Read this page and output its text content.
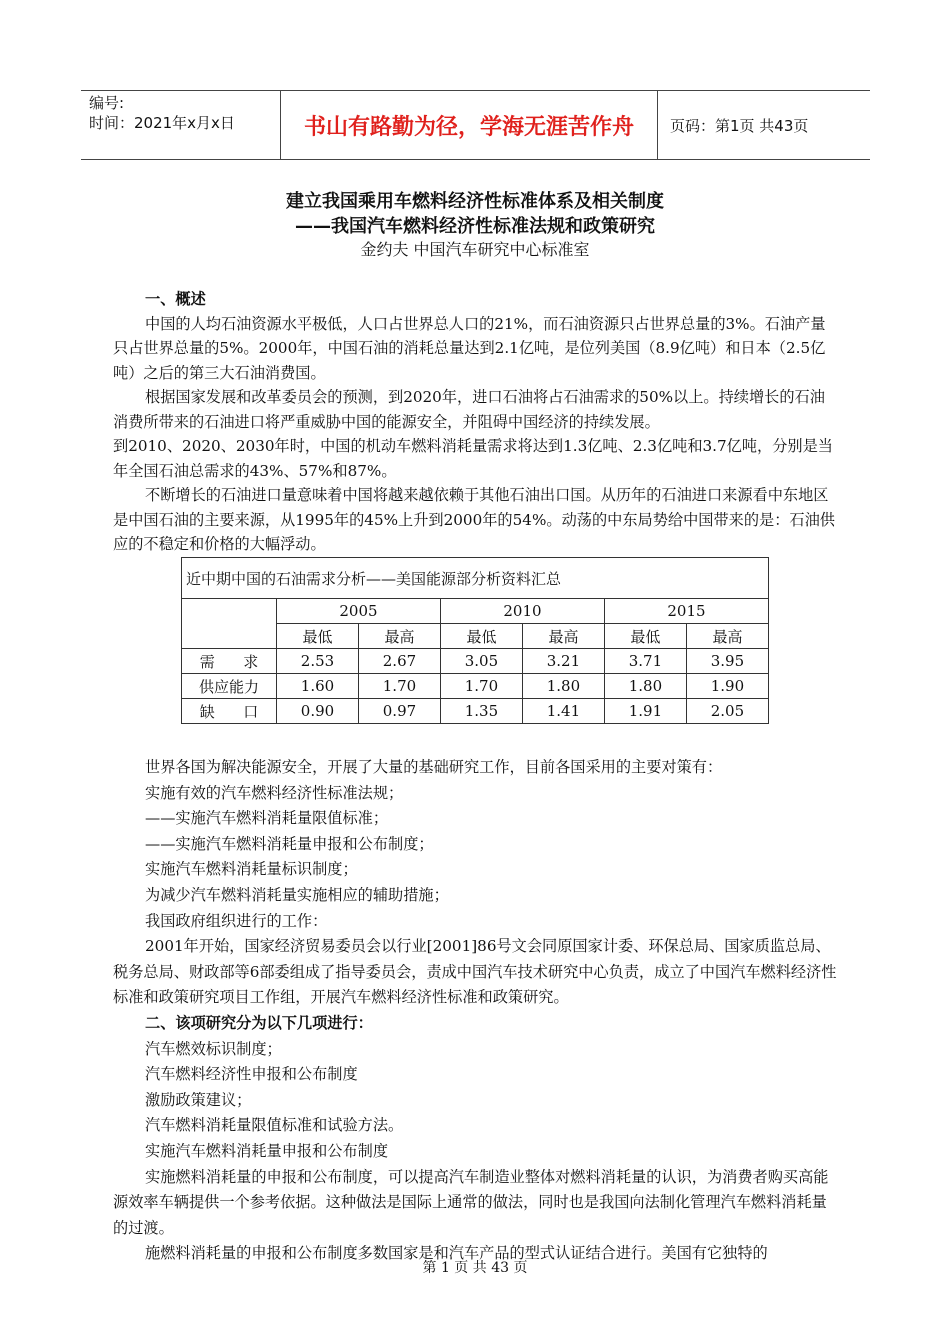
编号:
时间：2021年x月x日	书山有路勤为径，学海无涯苦作舟	页码：第1页 共43页
建立我国乘用车燃料经济性标准体系及相关制度
——我国汽车燃料经济性标准法规和政策研究
金约夫 中国汽车研究中心标准室

一、概述

中国的人均石油资源水平极低，人口占世界总人口的21%，而石油资源只占世界总量的3%。石油产量只占世界总量的5%。2000年，中国石油的消耗总量达到2.1亿吨，是位列美国（8.9亿吨）和日本（2.5亿吨）之后的第三大石油消费国。

根据国家发展和改革委员会的预测，到2020年，进口石油将占石油需求的50%以上。持续增长的石油消费所带来的石油进口将严重威胁中国的能源安全，并阻碍中国经济的持续发展。

到2010、2020、2030年时，中国的机动车燃料消耗量需求将达到1.3亿吨、2.3亿吨和3.7亿吨，分别是当年全国石油总需求的43%、57%和87%。

不断增长的石油进口量意味着中国将越来越依赖于其他石油出口国。从历年的石油进口来源看中东地区是中国石油的主要来源，从1995年的45%上升到2000年的54%。动荡的中东局势给中国带来的是：石油供应的不稳定和价格的大幅浮动。

近中期中国的石油需求分析——美国能源部分析资料汇总						
	2005		2010		2015	
	最低	最高	最低	最高	最低	最高
需      求	2.53	2.67	3.05	3.21	3.71	3.95
供应能力	1.60	1.70	1.70	1.80	1.80	1.90
缺      口	0.90	0.97	1.35	1.41	1.91	2.05

世界各国为解决能源安全，开展了大量的基础研究工作，目前各国采用的主要对策有：

实施有效的汽车燃料经济性标准法规；

——实施汽车燃料消耗量限值标准；

——实施汽车燃料消耗量申报和公布制度；

实施汽车燃料消耗量标识制度；

为减少汽车燃料消耗量实施相应的辅助措施；

我国政府组织进行的工作：

2001年开始，国家经济贸易委员会以行业[2001]86号文会同原国家计委、环保总局、国家质监总局、税务总局、财政部等6部委组成了指导委员会，责成中国汽车技术研究中心负责，成立了中国汽车燃料经济性标准和政策研究项目工作组，开展汽车燃料经济性标准和政策研究。

二、该项研究分为以下几项进行：

汽车燃效标识制度；

汽车燃料经济性申报和公布制度

激励政策建议；

汽车燃料消耗量限值标准和试验方法。

实施汽车燃料消耗量申报和公布制度

实施燃料消耗量的申报和公布制度，可以提高汽车制造业整体对燃料消耗量的认识，为消费者购买高能源效率车辆提供一个参考依据。这种做法是国际上通常的做法，同时也是我国向法制化管理汽车燃料消耗量的过渡。

施燃料消耗量的申报和公布制度多数国家是和汽车产品的型式认证结合进行。美国有它独特的

第 1 页 共 43 页
